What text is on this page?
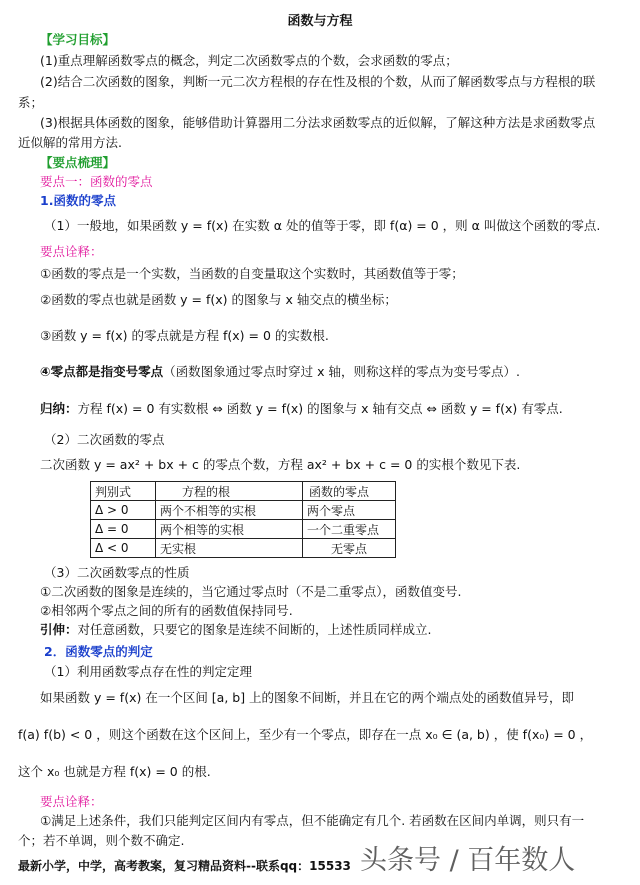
函数与方程
【学习目标】
(1)重点理解函数零点的概念，判定二次函数零点的个数，会求函数的零点；
(2)结合二次函数的图象，判断一元二次方程根的存在性及根的个数，从而了解函数零点与方程根的联
系；
(3)根据具体函数的图象，能够借助计算器用二分法求函数零点的近似解，了解这种方法是求函数零点
近似解的常用方法.
【要点梳理】
要点一：函数的零点
1.函数的零点
（1）一般地，如果函数 y = f(x) 在实数 α 处的值等于零，即 f(α) = 0 ，则 α 叫做这个函数的零点.
要点诠释：
①函数的零点是一个实数，当函数的自变量取这个实数时，其函数值等于零；
②函数的零点也就是函数 y = f(x) 的图象与 x 轴交点的横坐标；
③函数 y = f(x) 的零点就是方程 f(x) = 0 的实数根.
④零点都是指变号零点（函数图象通过零点时穿过 x 轴，则称这样的零点为变号零点）.
归纳：方程 f(x) = 0 有实数根 ⇔ 函数 y = f(x) 的图象与 x 轴有交点 ⇔ 函数 y = f(x) 有零点.
（2）二次函数的零点
二次函数 y = ax² + bx + c 的零点个数，方程 ax² + bx + c = 0 的实根个数见下表.
判别式	方程的根	函数的零点
Δ > 0	两个不相等的实根	两个零点
Δ = 0	两个相等的实根	一个二重零点
Δ < 0	无实根	无零点
（3）二次函数零点的性质
①二次函数的图象是连续的，当它通过零点时（不是二重零点），函数值变号.
②相邻两个零点之间的所有的函数值保持同号.
引伸：对任意函数，只要它的图象是连续不间断的，上述性质同样成立.
2．函数零点的判定
（1）利用函数零点存在性的判定定理
如果函数 y = f(x) 在一个区间 [a, b] 上的图象不间断，并且在它的两个端点处的函数值异号，即
f(a) f(b) < 0 ，则这个函数在这个区间上，至少有一个零点，即存在一点 x₀ ∈ (a, b) ，使 f(x₀) = 0 ，
这个 x₀ 也就是方程 f(x) = 0 的根.
要点诠释：
①满足上述条件，我们只能判定区间内有零点，但不能确定有几个. 若函数在区间内单调，则只有一
个；若不单调，则个数不确定.
最新小学，中学，高考教案，复习精品资料--联系qq：15533 头条号 / 百年数人
